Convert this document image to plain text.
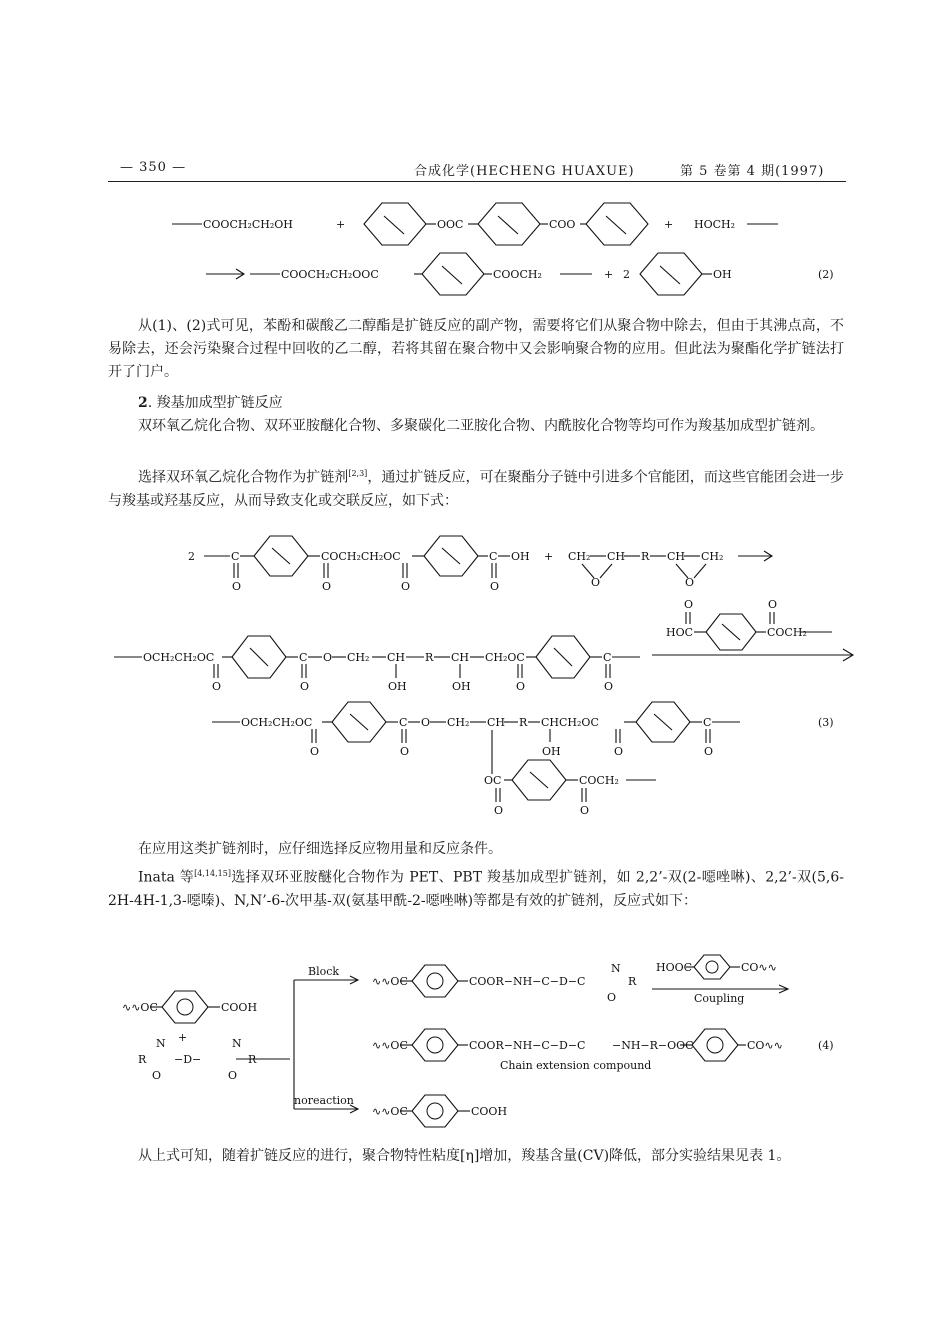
— 350 —	合成化学(HECHENG HUAXUE)	第 5 卷第 4 期(1997)
COOCH₂CH₂OH	+	OOC	COO	+ HOCH₂
COOCH₂CH₂OOC	COOCH₂	+ 2	OH	(2)

从(1)、(2)式可见，苯酚和碳酸乙二醇酯是扩链反应的副产物，需要将它们从聚合物中除去，但由于其沸点高，不易除去，还会污染聚合过程中回收的乙二醇，若将其留在聚合物中又会影响聚合物的应用。但此法为聚酯化学扩链法打开了门户。

2. 羧基加成型扩链反应

双环氧乙烷化合物、双环亚胺醚化合物、多聚碳化二亚胺化合物、内酰胺化合物等均可作为羧基加成型扩链剂。

选择双环氧乙烷化合物作为扩链剂[2,3]，通过扩链反应，可在聚酯分子链中引进多个官能团，而这些官能团会进一步与羧基或羟基反应，从而导致支化或交联反应，如下式：

2	C
O
COCH₂CH₂OC
O	O
C
O
OH + CH₂ CH
O
R CH CH₂
O
OCH₂CH₂OC
O
C
O
O CH₂ CH
OH
R CH
OH
CH₂OC
O
C
O
O
HOC	COCH₂
O
OCH₂CH₂OC
O
C
O
O CH₂ CH R CHCH₂OC
OH	O
C
O
(3)
OC
O
COCH₂
O

在应用这类扩链剂时，应仔细选择反应物用量和反应条件。

Inata 等[4,14,15]选择双环亚胺醚化合物作为 PET、PBT 羧基加成型扩链剂，如 2,2’-双(2-噁唑啉)、2,2’-双(5,6-2H-4H-1,3-噁嗪)、N,N’-6-次甲基-双(氨基甲酰-2-噁唑啉)等都是有效的扩链剂，反应式如下：

∿∿OC	COOH
+
R
N
O
−D−
N
O
R
Block
noreaction
∿∿OC	COOR−NH−C−D−C
N
O
R
HOOC	CO∿∿
Coupling
∿∿OC	COOR−NH−C−D−C −NH−R−OOC	CO∿∿	(4)
Chain extension compound
∿∿OC	COOH

从上式可知，随着扩链反应的进行，聚合物特性粘度[η]增加，羧基含量(CV)降低，部分实验结果见表 1。
